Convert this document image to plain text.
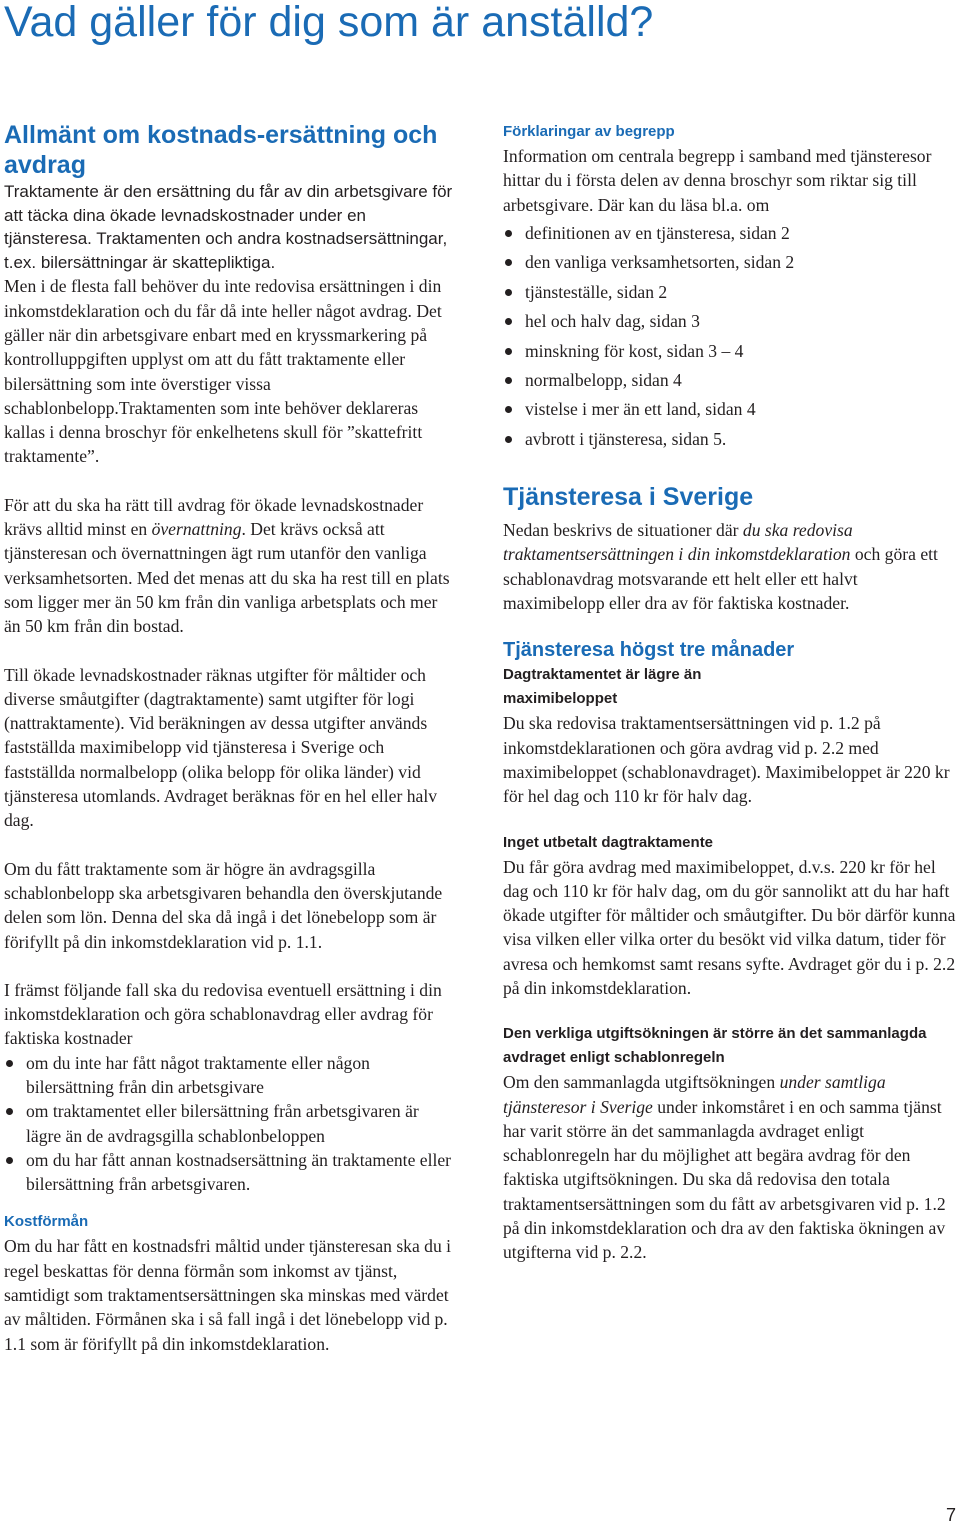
Vad gäller för dig som är anställd?
Allmänt om kostnads-ersättning och avdrag

Traktamente är den ersättning du får av din arbetsgivare för att täcka dina ökade levnadskostnader under en tjänsteresa. Traktamenten och andra kostnadsersättningar, t.ex. bilersättningar är skattepliktiga.

Men i de flesta fall behöver du inte redovisa ersättningen i din inkomstdeklaration och du får då inte heller något avdrag. Det gäller när din arbetsgivare enbart med en kryssmarkering på kontrolluppgiften upplyst om att du fått traktamente eller bilersättning som inte överstiger vissa schablonbelopp.Traktamenten som inte behöver deklareras kallas i denna broschyr för enkelhetens skull för ”skattefritt traktamente”.

För att du ska ha rätt till avdrag för ökade levnadskostnader krävs alltid minst en övernattning. Det krävs också att tjänsteresan och övernattningen ägt rum utanför den vanliga verksamhetsorten. Med det menas att du ska ha rest till en plats som ligger mer än 50 km från din vanliga arbetsplats och mer än 50 km från din bostad.

Till ökade levnadskostnader räknas utgifter för måltider och diverse småutgifter (dagtraktamente) samt utgifter för logi (nattraktamente). Vid beräkningen av dessa utgifter används fastställda maximibelopp vid tjänsteresa i Sverige och fastställda normalbelopp (olika belopp för olika länder) vid tjänsteresa utomlands. Avdraget beräknas för en hel eller halv dag.

Om du fått traktamente som är högre än avdragsgilla schablonbelopp ska arbetsgivaren behandla den överskjutande delen som lön. Denna del ska då ingå i det lönebelopp som är förifyllt på din inkomstdeklaration vid p. 1.1.

I främst följande fall ska du redovisa eventuell ersättning i din inkomstdeklaration och göra schablonavdrag eller avdrag för faktiska kostnader

om du inte har fått något traktamente eller någon bilersättning från din arbetsgivare
om traktamentet eller bilersättning från arbetsgivaren är lägre än de avdragsgilla schablonbeloppen
om du har fått annan kostnadsersättning än traktamente eller bilersättning från arbetsgivaren.
Kostförmån

Om du har fått en kostnadsfri måltid under tjänsteresan ska du i regel beskattas för denna förmån som inkomst av tjänst, samtidigt som traktamentsersättningen ska minskas med värdet av måltiden. Förmånen ska i så fall ingå i det lönebelopp vid p. 1.1 som är förifyllt på din inkomstdeklaration.

Förklaringar av begrepp

Information om centrala begrepp i samband med tjänsteresor hittar du i första delen av denna broschyr som riktar sig till arbetsgivare. Där kan du läsa bl.a. om

definitionen av en tjänsteresa, sidan 2
den vanliga verksamhetsorten, sidan 2
tjänsteställe, sidan 2
hel och halv dag, sidan 3
minskning för kost, sidan 3 – 4
normalbelopp, sidan 4
vistelse i mer än ett land, sidan 4
avbrott i tjänsteresa, sidan 5.
Tjänsteresa i Sverige

Nedan beskrivs de situationer där du ska redovisa traktamentsersättningen i din inkomstdeklaration och göra ett schablonavdrag motsvarande ett helt eller ett halvt maximibelopp eller dra av för faktiska kostnader.

Tjänsteresa högst tre månader
Dagtraktamentet är lägre än maximibeloppet

Du ska redovisa traktamentsersättningen vid p. 1.2 på inkomstdeklarationen och göra avdrag vid p. 2.2 med maximibeloppet (schablonavdraget). Maximibeloppet är 220 kr för hel dag och 110 kr för halv dag.

Inget utbetalt dagtraktamente

Du får göra avdrag med maximibeloppet, d.v.s. 220 kr för hel dag och 110 kr för halv dag, om du gör sannolikt att du har haft ökade utgifter för måltider och småutgifter. Du bör därför kunna visa vilken eller vilka orter du besökt vid vilka datum, tider för avresa och hemkomst samt resans syfte. Avdraget gör du i p. 2.2 på din inkomstdeklaration.

Den verkliga utgiftsökningen är större än det sammanlagda avdraget enligt schablonregeln

Om den sammanlagda utgiftsökningen under samtliga tjänsteresor i Sverige under inkomståret i en och samma tjänst har varit större än det sammanlagda avdraget enligt schablonregeln har du möjlighet att begära avdrag för den faktiska utgiftsökningen. Du ska då redovisa den totala traktamentsersättningen som du fått av arbetsgivaren vid p. 1.2 på din inkomstdeklaration och dra av den faktiska ökningen av utgifterna vid p. 2.2.

7
